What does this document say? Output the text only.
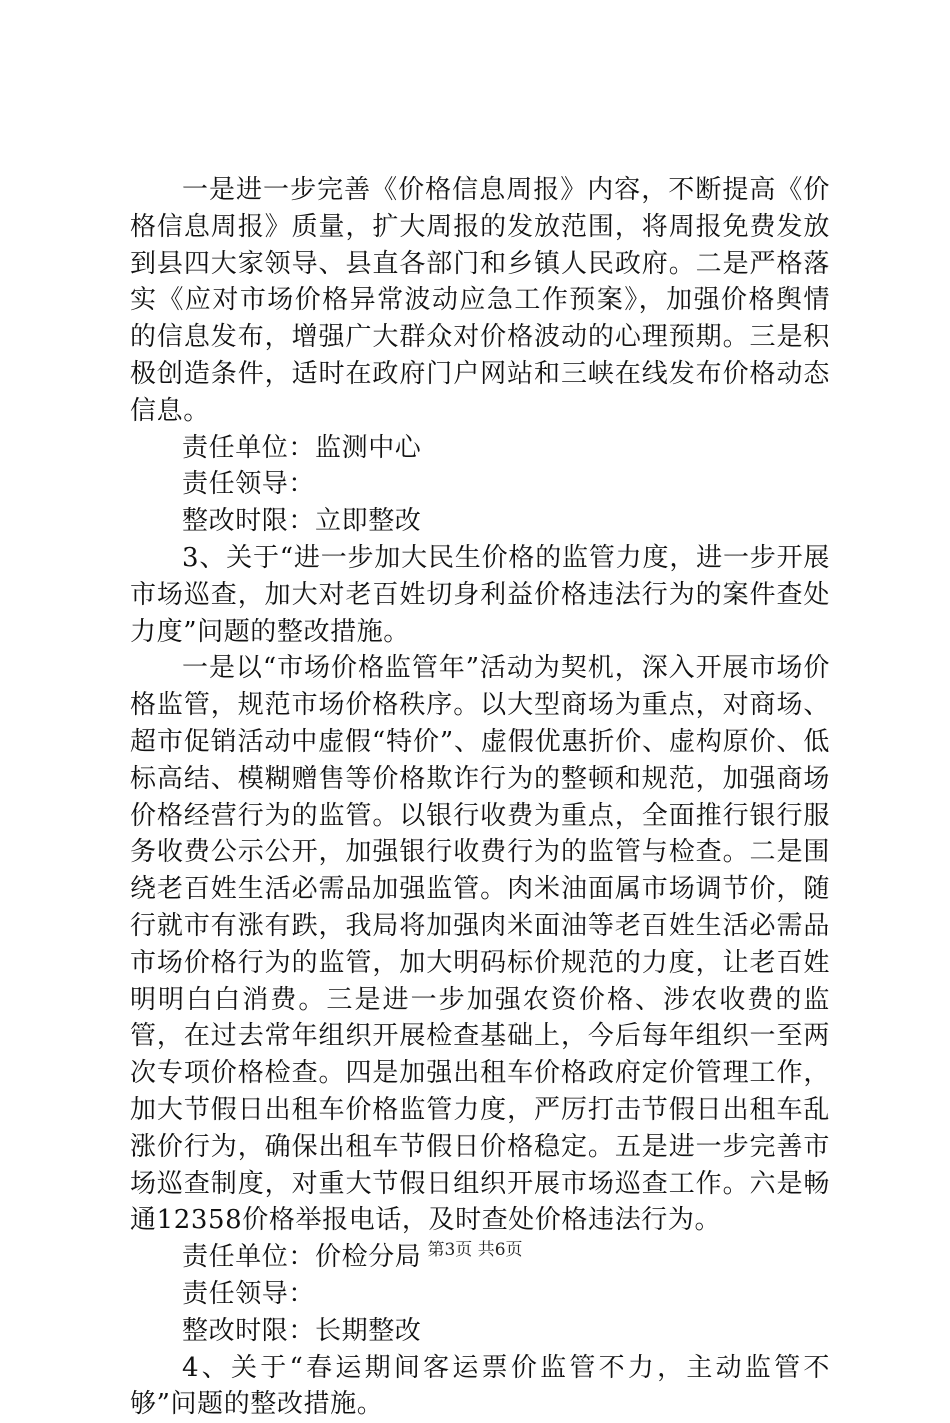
一是进一步完善《价格信息周报》内容，不断提高《价格信息周报》质量，扩大周报的发放范围，将周报免费发放到县四大家领导、县直各部门和乡镇人民政府。二是严格落实《应对市场价格异常波动应急工作预案》，加强价格舆情的信息发布，增强广大群众对价格波动的心理预期。三是积极创造条件，适时在政府门户网站和三峡在线发布价格动态信息。

责任单位：监测中心

责任领导：

整改时限：立即整改

3、关于“进一步加大民生价格的监管力度，进一步开展市场巡查，加大对老百姓切身利益价格违法行为的案件查处力度”问题的整改措施。

一是以“市场价格监管年”活动为契机，深入开展市场价格监管，规范市场价格秩序。以大型商场为重点，对商场、超市促销活动中虚假“特价”、虚假优惠折价、虚构原价、低标高结、模糊赠售等价格欺诈行为的整顿和规范，加强商场价格经营行为的监管。以银行收费为重点，全面推行银行服务收费公示公开，加强银行收费行为的监管与检查。二是围绕老百姓生活必需品加强监管。肉米油面属市场调节价，随行就市有涨有跌，我局将加强肉米面油等老百姓生活必需品市场价格行为的监管，加大明码标价规范的力度，让老百姓明明白白消费。三是进一步加强农资价格、涉农收费的监管，在过去常年组织开展检查基础上，今后每年组织一至两次专项价格检查。四是加强出租车价格政府定价管理工作，加大节假日出租车价格监管力度，严厉打击节假日出租车乱涨价行为，确保出租车节假日价格稳定。五是进一步完善市场巡查制度，对重大节假日组织开展市场巡查工作。六是畅通12358价格举报电话，及时查处价格违法行为。

责任单位：价检分局

责任领导：

整改时限：长期整改

4、关于“春运期间客运票价监管不力，主动监管不够”问题的整改措施。

第3页 共6页
